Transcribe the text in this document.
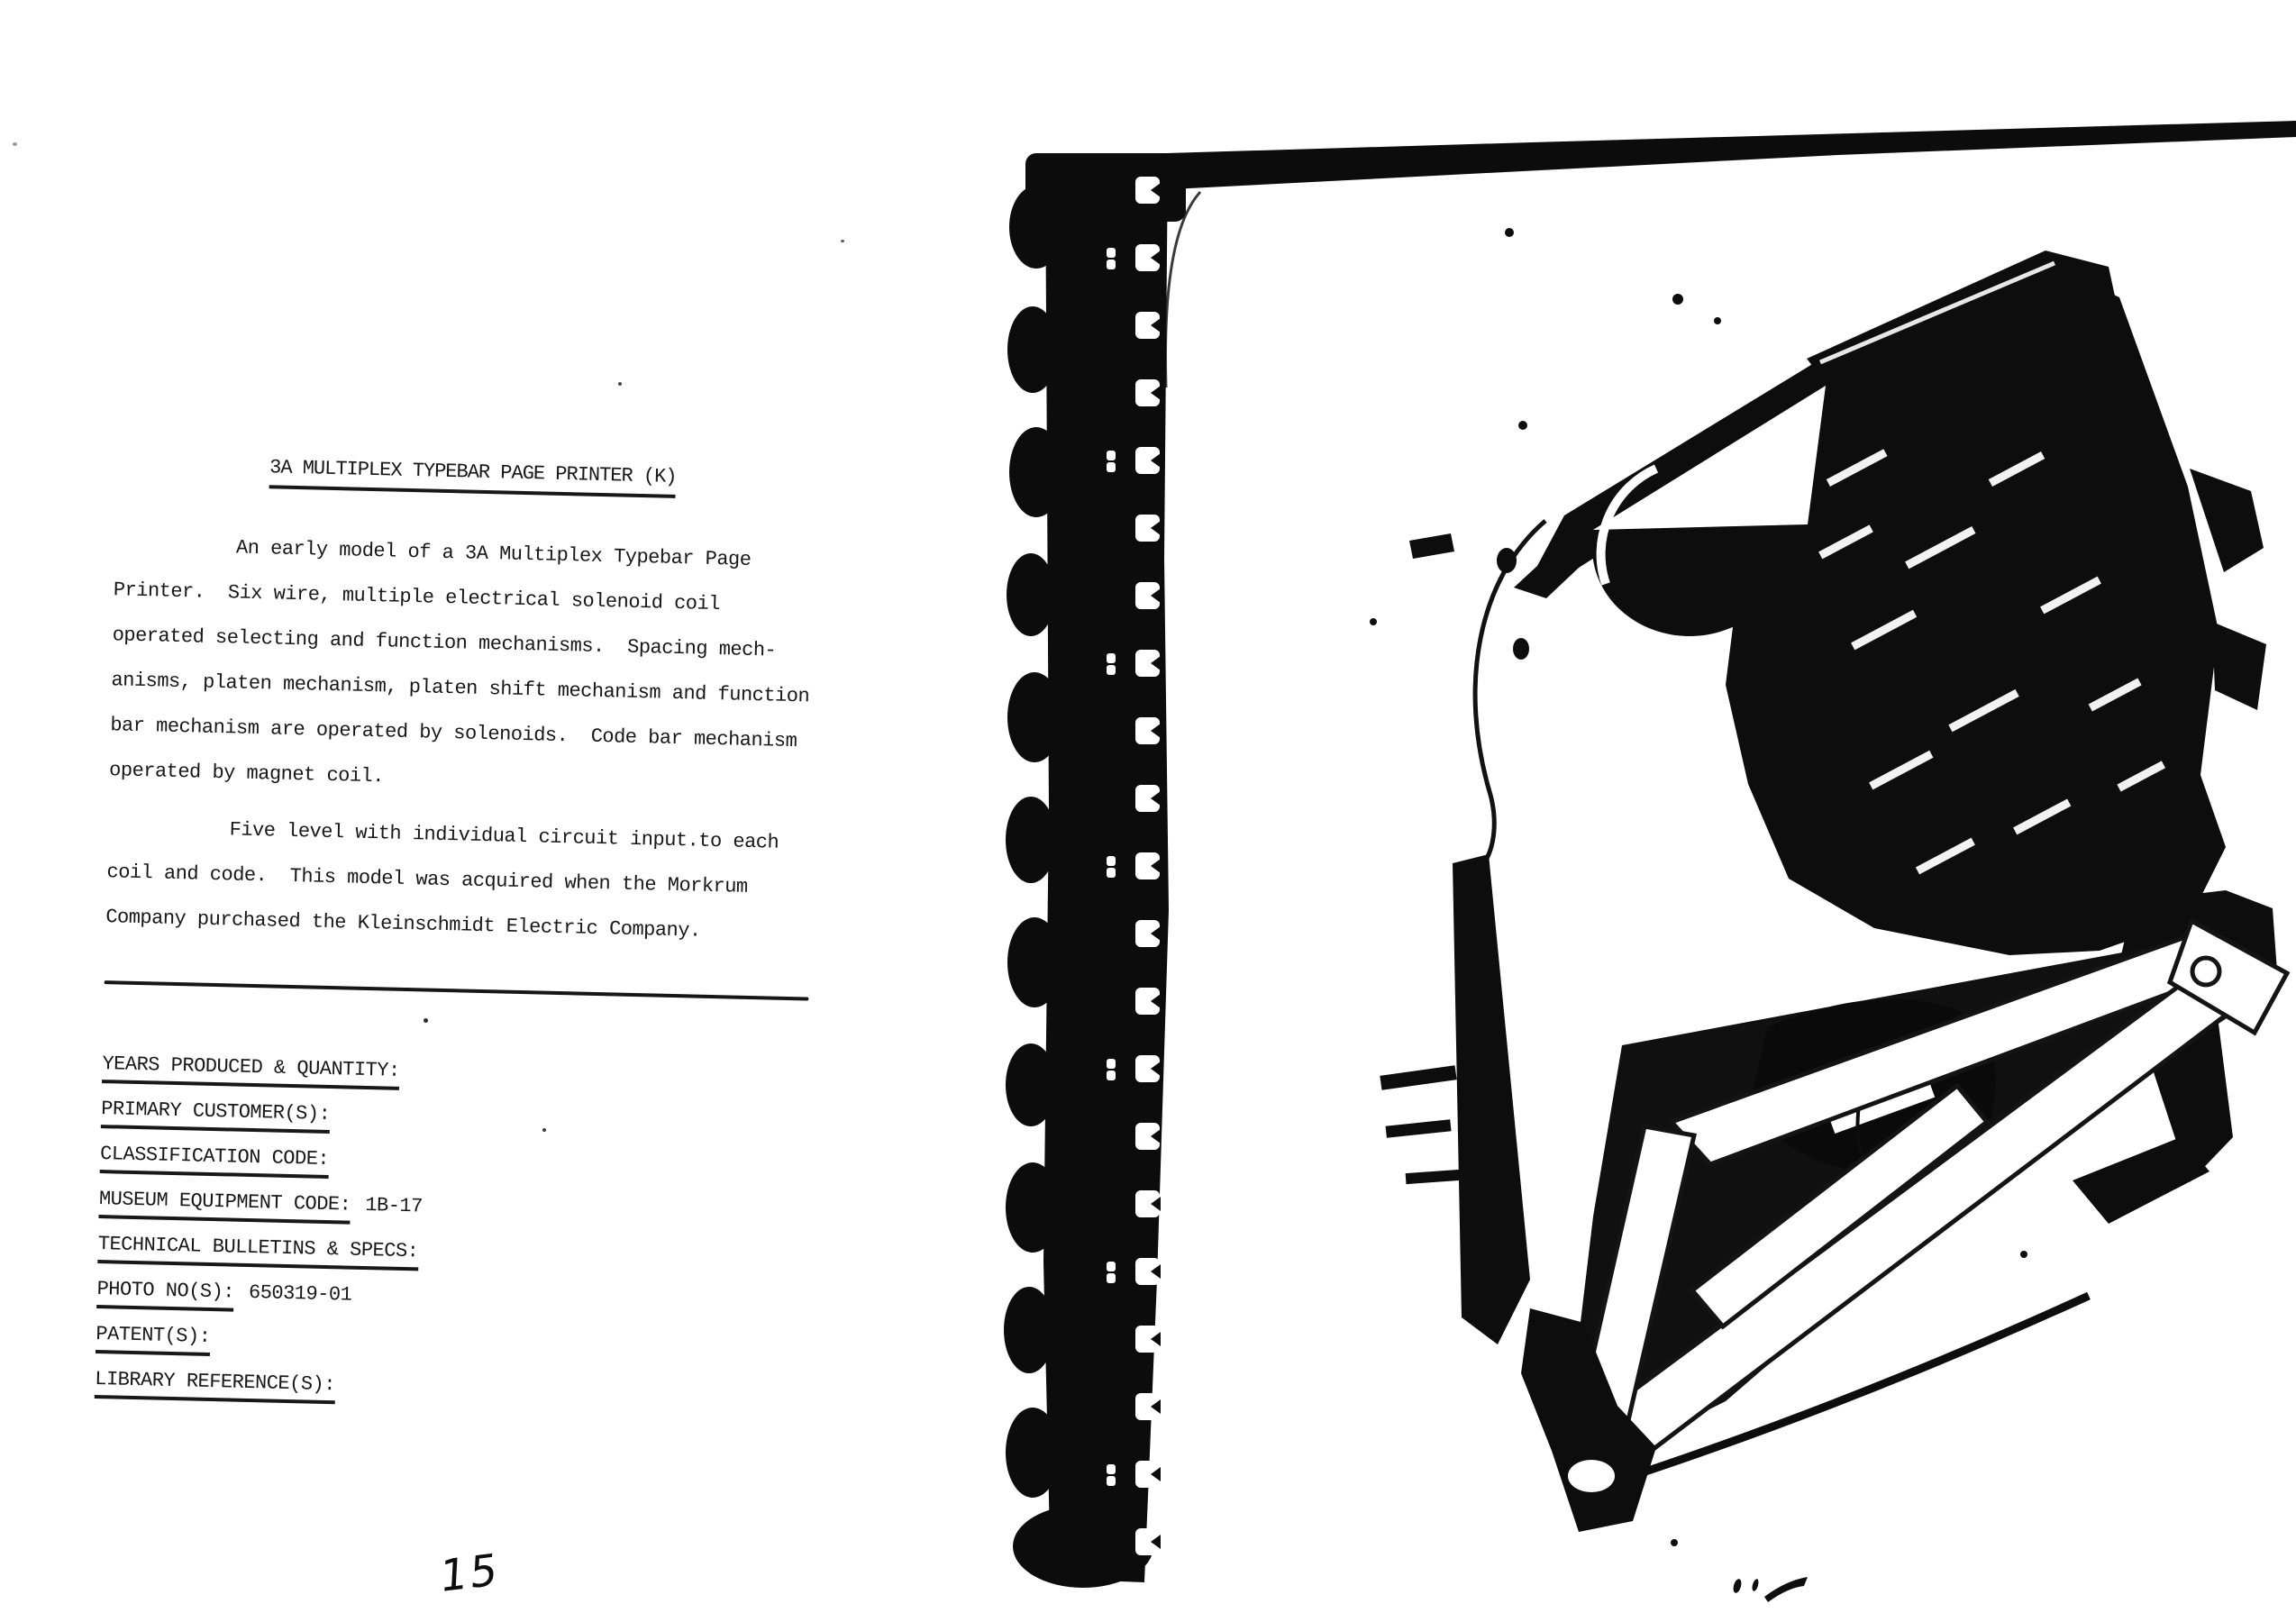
3A MULTIPLEX TYPEBAR PAGE PRINTER (K)
An early model of a 3A Multiplex Typebar Page
Printer.  Six wire, multiple electrical solenoid coil
operated selecting and function mechanisms.  Spacing mech-
anisms, platen mechanism, platen shift mechanism and function
bar mechanism are operated by solenoids.  Code bar mechanism
operated by magnet coil.
Five level with individual circuit input.to each
coil and code.  This model was acquired when the Morkrum
Company purchased the Kleinschmidt Electric Company.
YEARS PRODUCED & QUANTITY:
PRIMARY CUSTOMER(S):
CLASSIFICATION CODE:
MUSEUM EQUIPMENT CODE: 1B-17
TECHNICAL BULLETINS & SPECS:
PHOTO NO(S): 650319-01
PATENT(S):
LIBRARY REFERENCE(S):
15
